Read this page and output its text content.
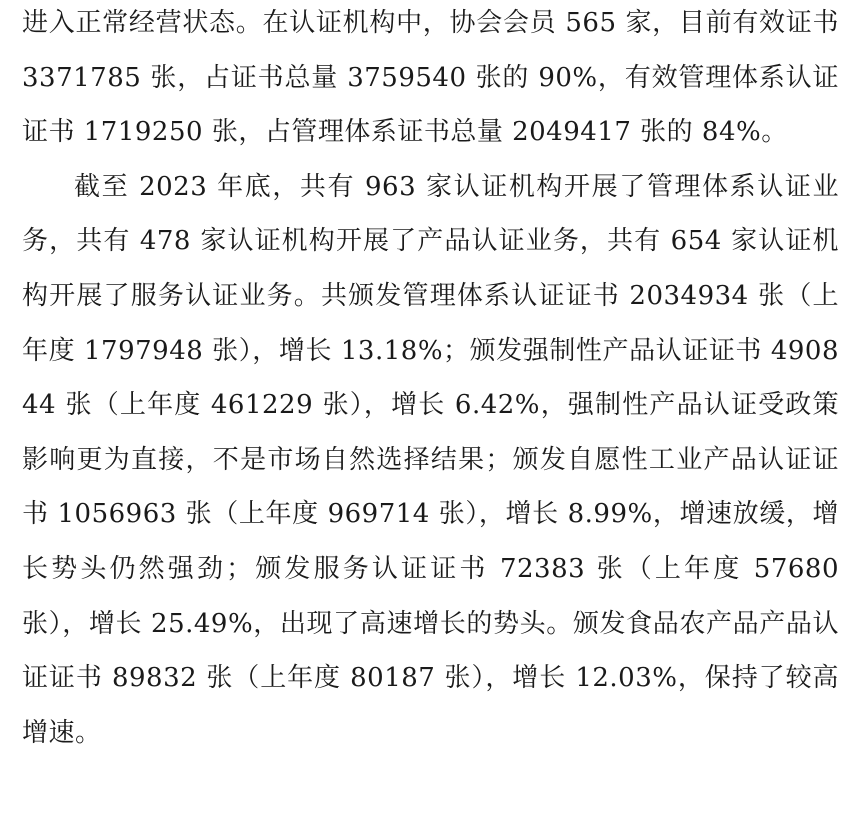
进入正常经营状态。在认证机构中，协会会员 565 家，目前有效证书 3371785 张，占证书总量 3759540 张的 90%，有效管理体系认证证书 1719250 张，占管理体系证书总量 2049417 张的 84%。

截至 2023 年底，共有 963 家认证机构开展了管理体系认证业务，共有 478 家认证机构开展了产品认证业务，共有 654 家认证机构开展了服务认证业务。共颁发管理体系认证证书 2034934 张（上年度 1797948 张），增长 13.18%；颁发强制性产品认证证书 490844 张（上年度 461229 张），增长 6.42%，强制性产品认证受政策影响更为直接，不是市场自然选择结果；颁发自愿性工业产品认证证书 1056963 张（上年度 969714 张），增长 8.99%，增速放缓，增长势头仍然强劲；颁发服务认证证书 72383 张（上年度 57680 张），增长 25.49%，出现了高速增长的势头。颁发食品农产品产品认证证书 89832 张（上年度 80187 张），增长 12.03%，保持了较高增速。
